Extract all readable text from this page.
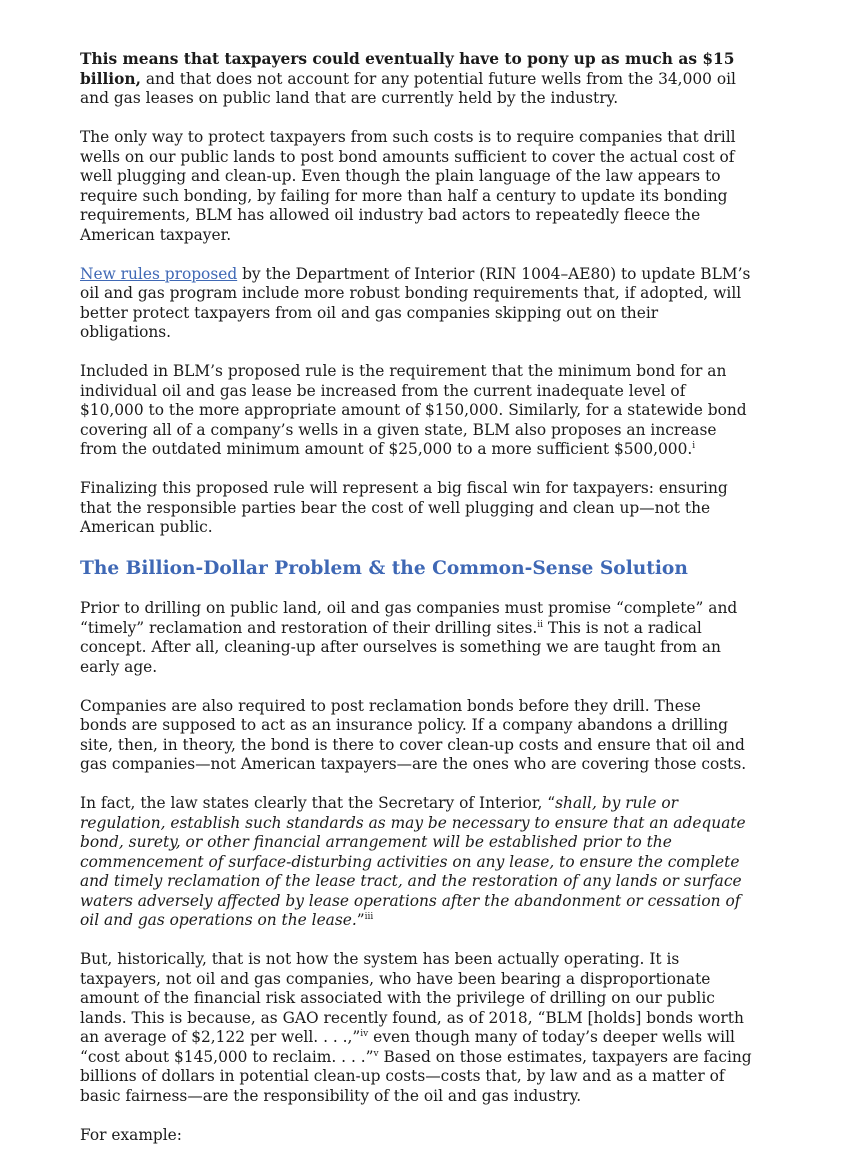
This means that taxpayers could eventually have to pony up as much as $15 billion, and that does not account for any potential future wells from the 34,000 oil and gas leases on public land that are currently held by the industry.

The only way to protect taxpayers from such costs is to require companies that drill wells on our public lands to post bond amounts sufficient to cover the actual cost of well plugging and clean-up. Even though the plain language of the law appears to require such bonding, by failing for more than half a century to update its bonding requirements, BLM has allowed oil industry bad actors to repeatedly fleece the American taxpayer.

New rules proposed by the Department of Interior (RIN 1004–AE80) to update BLM’s oil and gas program include more robust bonding requirements that, if adopted, will better protect taxpayers from oil and gas companies skipping out on their obligations.

Included in BLM’s proposed rule is the requirement that the minimum bond for an individual oil and gas lease be increased from the current inadequate level of $10,000 to the more appropriate amount of $150,000. Similarly, for a statewide bond covering all of a company’s wells in a given state, BLM also proposes an increase from the outdated minimum amount of $25,000 to a more sufficient $500,000.$^i$

Finalizing this proposed rule will represent a big fiscal win for taxpayers: ensuring that the responsible parties bear the cost of well plugging and clean up—not the American public.

The Billion-Dollar Problem & the Common-Sense Solution

Prior to drilling on public land, oil and gas companies must promise “complete” and “timely” reclamation and restoration of their drilling sites.$^{ii}$ This is not a radical concept. After all, cleaning-up after ourselves is something we are taught from an early age.

Companies are also required to post reclamation bonds before they drill. These bonds are supposed to act as an insurance policy. If a company abandons a drilling site, then, in theory, the bond is there to cover clean-up costs and ensure that oil and gas companies—not American taxpayers—are the ones who are covering those costs.

In fact, the law states clearly that the Secretary of Interior, “shall, by rule or regulation, establish such standards as may be necessary to ensure that an adequate bond, surety, or other financial arrangement will be established prior to the commencement of surface-disturbing activities on any lease, to ensure the complete and timely reclamation of the lease tract, and the restoration of any lands or surface waters adversely affected by lease operations after the abandonment or cessation of oil and gas operations on the lease.”$^{iii}$

But, historically, that is not how the system has been actually operating. It is taxpayers, not oil and gas companies, who have been bearing a disproportionate amount of the financial risk associated with the privilege of drilling on our public lands. This is because, as GAO recently found, as of 2018, “BLM [holds] bonds worth an average of $2,122 per well. . . .,”$^{iv}$ even though many of today’s deeper wells will “cost about $145,000 to reclaim. . . .”$^v$ Based on those estimates, taxpayers are facing billions of dollars in potential clean-up costs—costs that, by law and as a matter of basic fairness—are the responsibility of the oil and gas industry.

For example:
